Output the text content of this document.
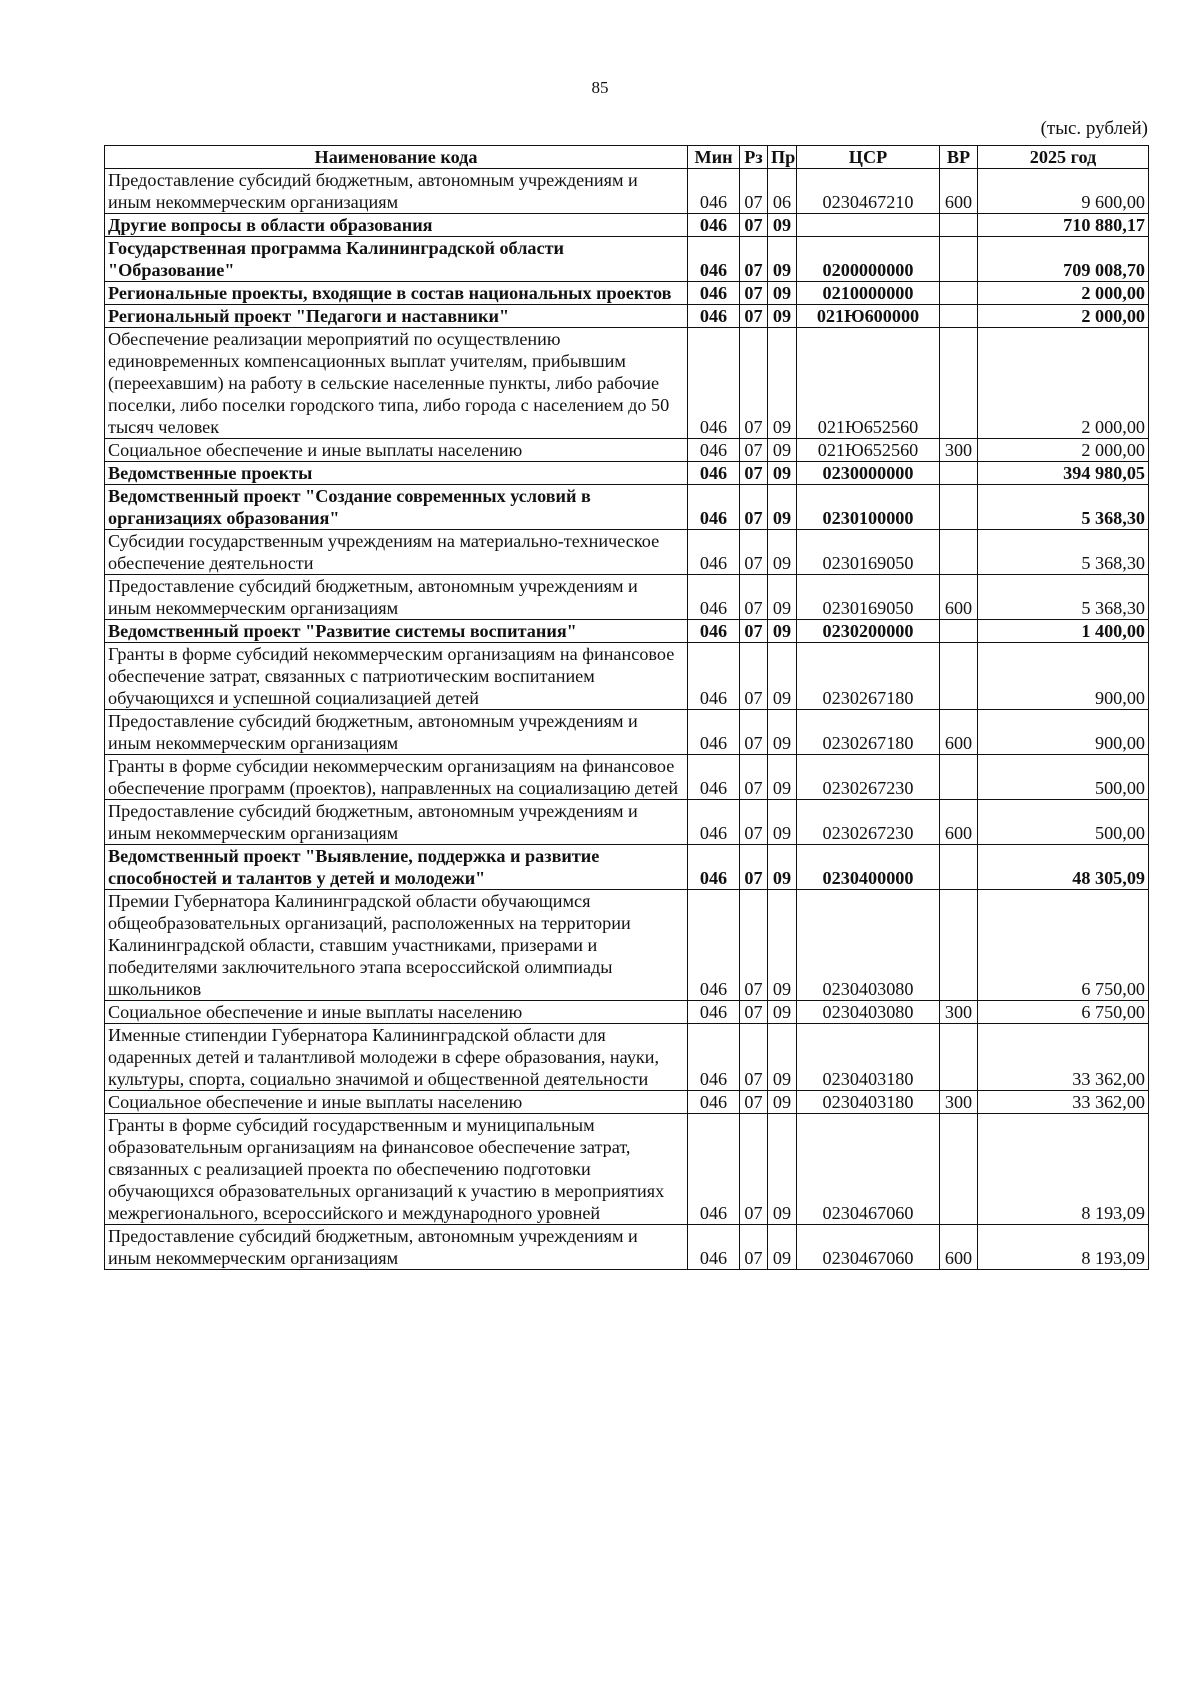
85
(тыс. рублей)
Наименование кода	Мин	Рз	Пр	ЦСР	ВР	2025 год
Предоставление субсидий бюджетным, автономным учреждениям и иным некоммерческим организациям	046	07	06	0230467210	600	9 600,00
Другие вопросы в области образования	046	07	09			710 880,17
Государственная программа Калининградской области "Образование"	046	07	09	0200000000		709 008,70
Региональные проекты, входящие в состав национальных проектов	046	07	09	0210000000		2 000,00
Региональный проект "Педагоги и наставники"	046	07	09	021Ю600000		2 000,00
Обеспечение реализации мероприятий по осуществлению единовременных компенсационных выплат учителям, прибывшим (переехавшим) на работу в сельские населенные пункты, либо рабочие поселки, либо поселки городского типа, либо города с населением до 50 тысяч человек	046	07	09	021Ю652560		2 000,00
Социальное обеспечение и иные выплаты населению	046	07	09	021Ю652560	300	2 000,00
Ведомственные проекты	046	07	09	0230000000		394 980,05
Ведомственный проект "Создание современных условий в организациях образования"	046	07	09	0230100000		5 368,30
Субсидии государственным учреждениям на материально-техническое обеспечение деятельности	046	07	09	0230169050		5 368,30
Предоставление субсидий бюджетным, автономным учреждениям и иным некоммерческим организациям	046	07	09	0230169050	600	5 368,30
Ведомственный проект "Развитие системы воспитания"	046	07	09	0230200000		1 400,00
Гранты в форме субсидий некоммерческим организациям на финансовое обеспечение затрат, связанных с патриотическим воспитанием обучающихся и успешной социализацией детей	046	07	09	0230267180		900,00
Предоставление субсидий бюджетным, автономным учреждениям и иным некоммерческим организациям	046	07	09	0230267180	600	900,00
Гранты в форме субсидии некоммерческим организациям на финансовое обеспечение программ (проектов), направленных на социализацию детей	046	07	09	0230267230		500,00
Предоставление субсидий бюджетным, автономным учреждениям и иным некоммерческим организациям	046	07	09	0230267230	600	500,00
Ведомственный проект "Выявление, поддержка и развитие способностей и талантов у детей и молодежи"	046	07	09	0230400000		48 305,09
Премии Губернатора Калининградской области обучающимся общеобразовательных организаций, расположенных на территории Калининградской области, ставшим участниками, призерами и победителями заключительного этапа всероссийской олимпиады школьников	046	07	09	0230403080		6 750,00
Социальное обеспечение и иные выплаты населению	046	07	09	0230403080	300	6 750,00
Именные стипендии Губернатора Калининградской области для одаренных детей и талантливой молодежи в сфере образования, науки, культуры, спорта, социально значимой и общественной деятельности	046	07	09	0230403180		33 362,00
Социальное обеспечение и иные выплаты населению	046	07	09	0230403180	300	33 362,00
Гранты в форме субсидий государственным и муниципальным образовательным организациям на финансовое обеспечение затрат, связанных с реализацией проекта по обеспечению подготовки обучающихся образовательных организаций к участию в мероприятиях межрегионального, всероссийского и международного уровней	046	07	09	0230467060		8 193,09
Предоставление субсидий бюджетным, автономным учреждениям и иным некоммерческим организациям	046	07	09	0230467060	600	8 193,09
